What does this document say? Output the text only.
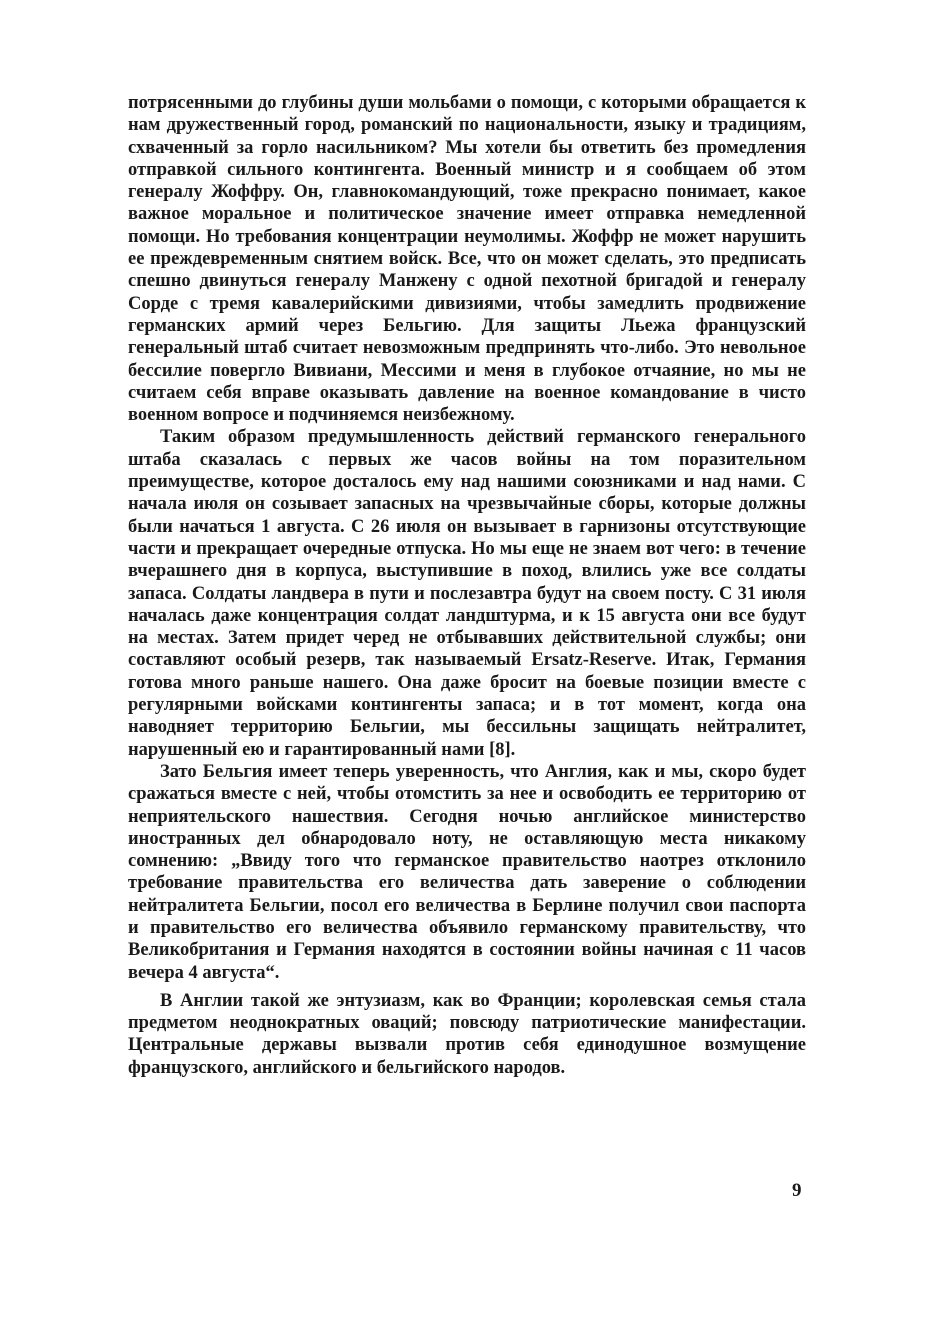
потрясенными до глубины души мольбами о помощи, с которыми обращается к нам дружественный город, романский по национальности, языку и традициям, схваченный за горло насильником? Мы хотели бы ответить без промедления отправкой сильного контингента. Военный министр и я сообщаем об этом генералу Жоффру. Он, главнокомандующий, тоже прекрасно понимает, какое важное моральное и политическое значение имеет отправка немедленной помощи. Но требования концентрации неумолимы. Жоффр не может нарушить ее преждевременным снятием войск. Все, что он может сделать, это предписать спешно двинуться генералу Манжену с одной пехотной бригадой и генералу Сорде с тремя кавалерийскими дивизиями, чтобы замедлить продвижение германских армий через Бельгию. Для защиты Льежа французский генеральный штаб считает невозможным предпринять что-либо. Это невольное бессилие повергло Вивиани, Мессими и меня в глубокое отчаяние, но мы не считаем себя вправе оказывать давление на военное командование в чисто военном вопросе и подчиняемся неизбежному.

Таким образом предумышленность действий германского генерального штаба сказалась с первых же часов войны на том поразительном преимуществе, которое досталось ему над нашими союзниками и над нами. С начала июля он созывает запасных на чрезвычайные сборы, которые должны были начаться 1 августа. С 26 июля он вызывает в гарнизоны отсутствующие части и прекращает очередные отпуска. Но мы еще не знаем вот чего: в течение вчерашнего дня в корпуса, выступившие в поход, влились уже все солдаты запаса. Солдаты ландвера в пути и послезавтра будут на своем посту. С 31 июля началась даже концентрация солдат ландштурма, и к 15 августа они все будут на местах. Затем придет черед не отбывавших действительной службы; они составляют особый резерв, так называемый Ersatz-Reserve. Итак, Германия готова много раньше нашего. Она даже бросит на боевые позиции вместе с регулярными войсками контингенты запаса; и в тот момент, когда она наводняет территорию Бельгии, мы бессильны защищать нейтралитет, нарушенный ею и гарантированный нами [8].

Зато Бельгия имеет теперь уверенность, что Англия, как и мы, скоро будет сражаться вместе с ней, чтобы отомстить за нее и освободить ее территорию от неприятельского нашествия. Сегодня ночью английское министерство иностранных дел обнародовало ноту, не оставляющую места никакому сомнению: „Ввиду того что германское правительство наотрез отклонило требование правительства его величества дать заверение о соблюдении нейтралитета Бельгии, посол его величества в Берлине получил свои паспорта и правительство его величества объявило германскому правительству, что Великобритания и Германия находятся в состоянии войны начиная с 11 часов вечера 4 августа“.

В Англии такой же энтузиазм, как во Франции; королевская семья стала предметом неоднократных оваций; повсюду патриотические манифестации. Центральные державы вызвали против себя единодушное возмущение французского, английского и бельгийского народов.

9
